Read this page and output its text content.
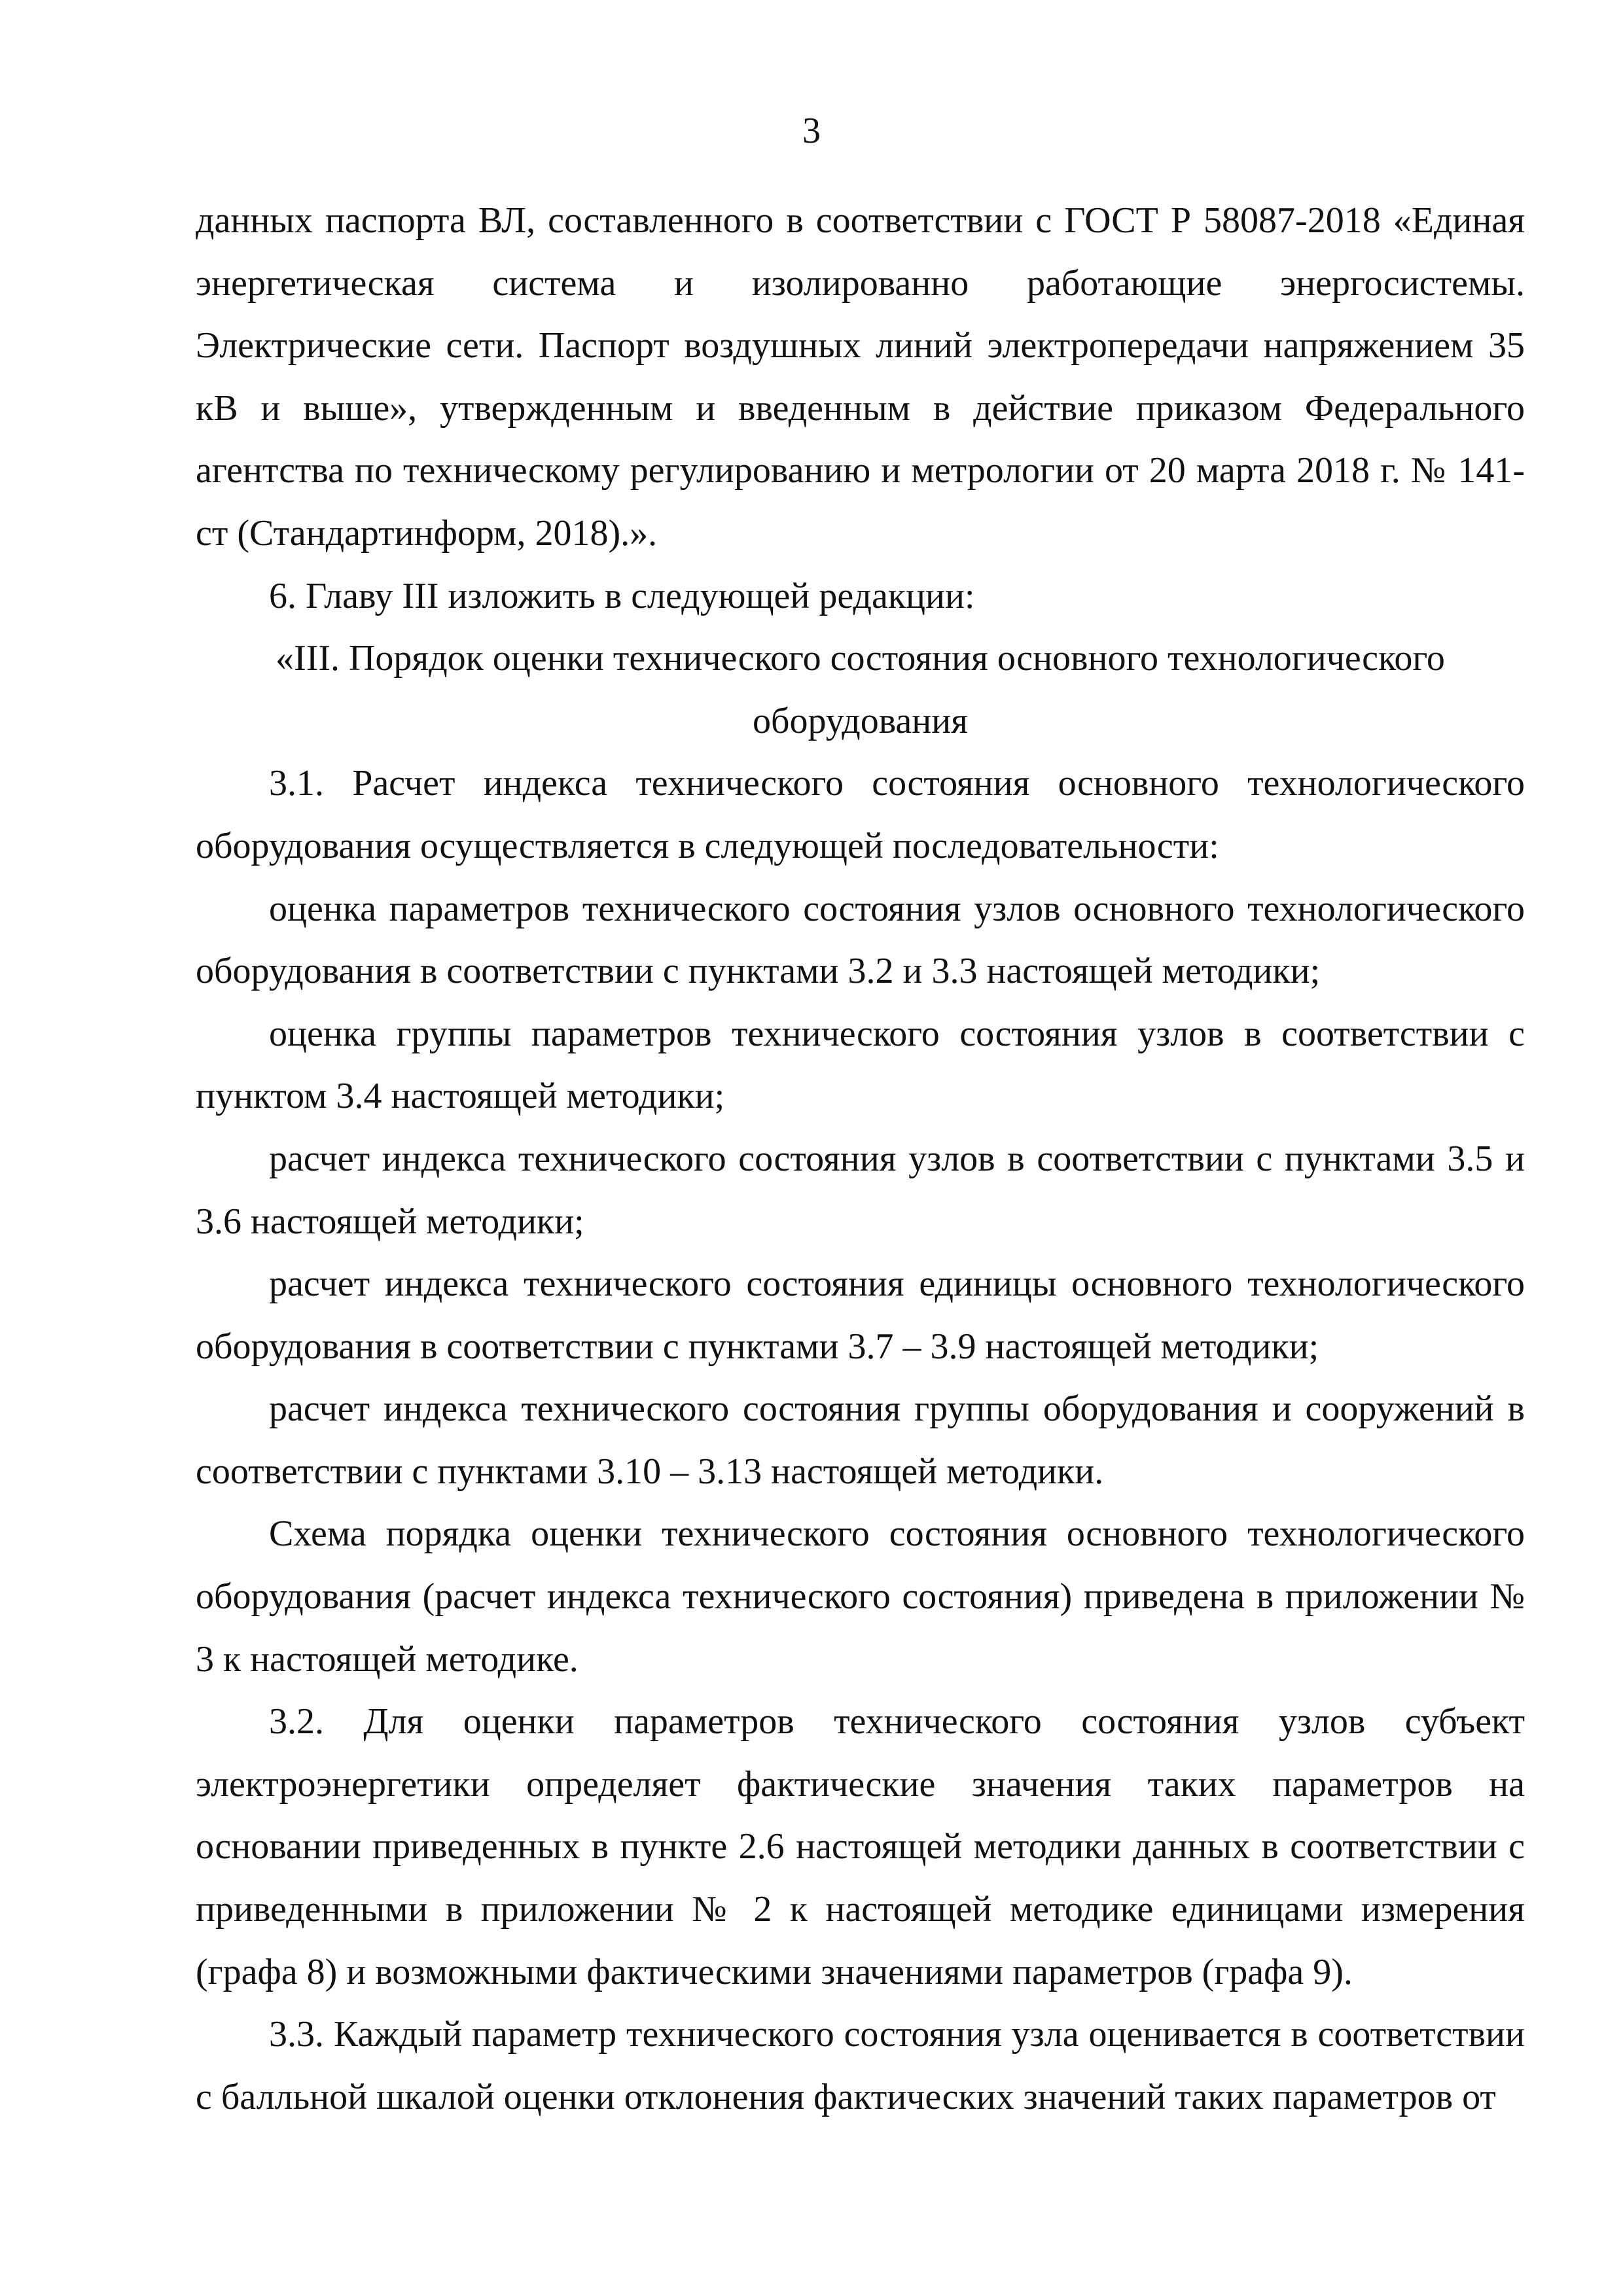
3

данных паспорта ВЛ, составленного в соответствии с ГОСТ Р 58087-2018 «Единая энергетическая система и изолированно работающие энергосистемы. Электрические сети. Паспорт воздушных линий электропередачи напряжением 35 кВ и выше», утвержденным и введенным в действие приказом Федерального агентства по техническому регулированию и метрологии от 20 марта 2018 г. № 141-ст (Стандартинформ, 2018).».

6. Главу III изложить в следующей редакции:

«III. Порядок оценки технического состояния основного технологического
оборудования

3.1. Расчет индекса технического состояния основного технологического оборудования осуществляется в следующей последовательности:

оценка параметров технического состояния узлов основного технологического оборудования в соответствии с пунктами 3.2 и 3.3 настоящей методики;

оценка группы параметров технического состояния узлов в соответствии с пунктом 3.4 настоящей методики;

расчет индекса технического состояния узлов в соответствии с пунктами 3.5 и 3.6 настоящей методики;

расчет индекса технического состояния единицы основного технологического оборудования в соответствии с пунктами 3.7 – 3.9 настоящей методики;

расчет индекса технического состояния группы оборудования и сооружений в соответствии с пунктами 3.10 – 3.13 настоящей методики.

Схема порядка оценки технического состояния основного технологического оборудования (расчет индекса технического состояния) приведена в приложении № 3 к настоящей методике.

3.2. Для оценки параметров технического состояния узлов субъект электроэнергетики определяет фактические значения таких параметров на основании приведенных в пункте 2.6 настоящей методики данных в соответствии с приведенными в приложении № 2 к настоящей методике единицами измерения (графа 8) и возможными фактическими значениями параметров (графа 9).

3.3. Каждый параметр технического состояния узла оценивается в соответствии с балльной шкалой оценки отклонения фактических значений таких параметров от
